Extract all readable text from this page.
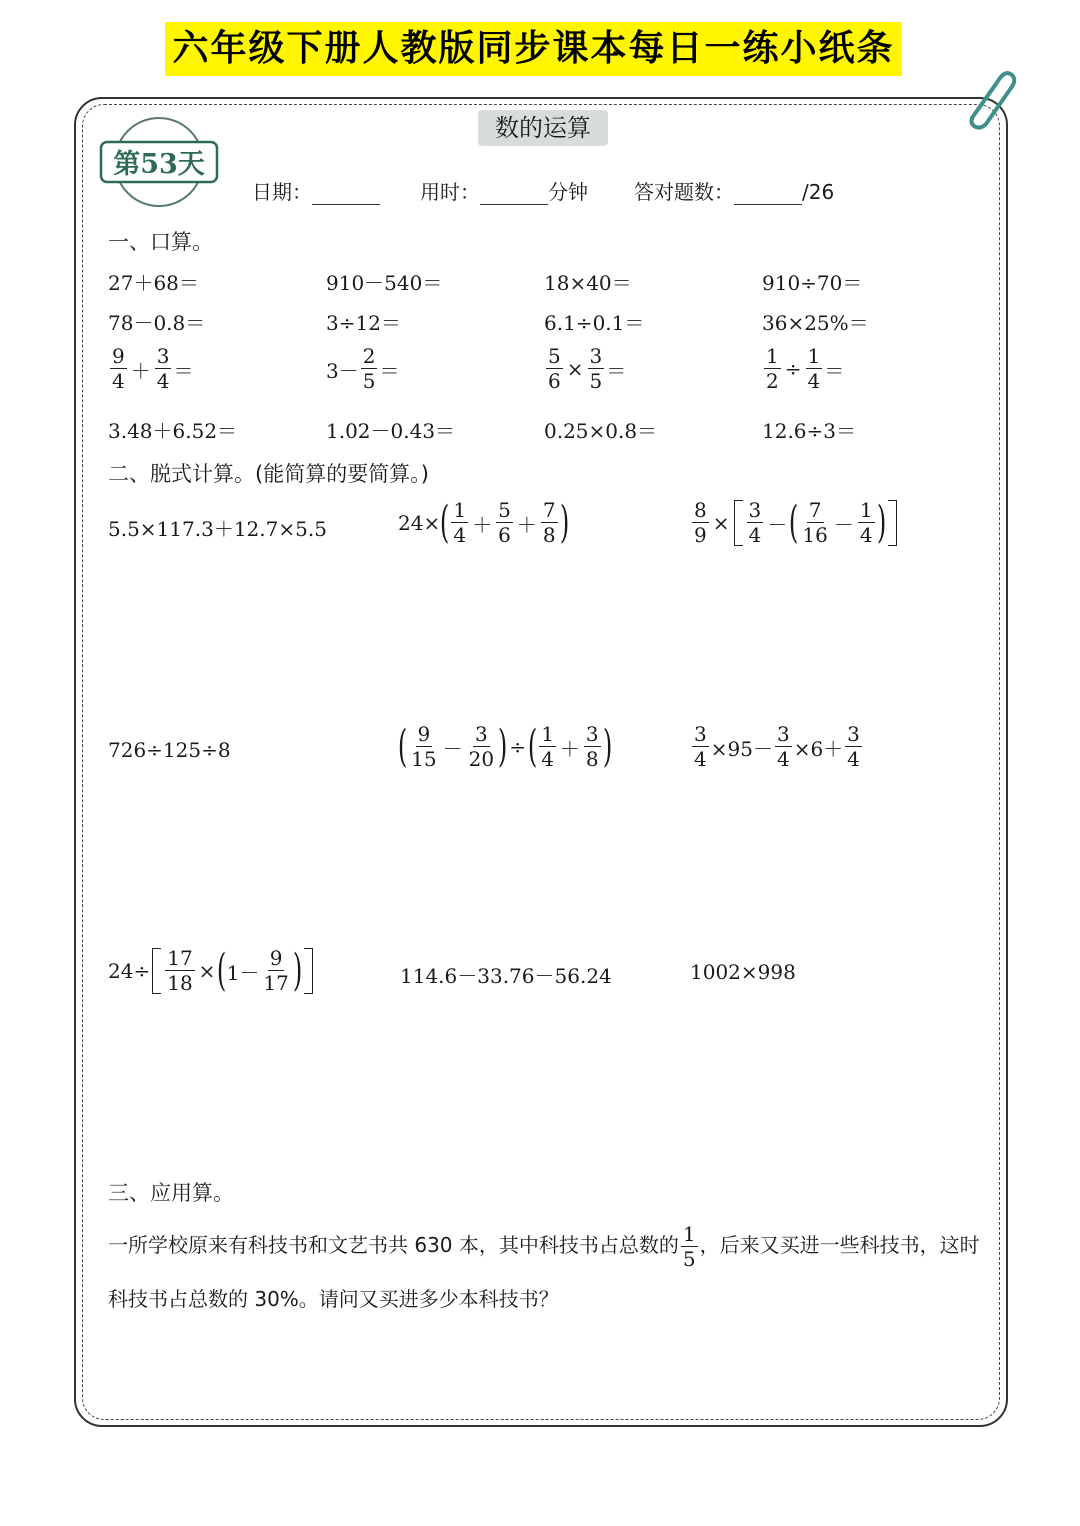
六年级下册人教版同步课本每日一练小纸条
数的运算
第53天
日期：	用时：	分钟 答对题数：	/26
一、口算。
27＋68＝	910－540＝	18×40＝	910÷70＝
78－0.8＝	3÷12＝	6.1÷0.1＝	36×25%＝
$\frac{9}{4} + \frac{3}{4}$ ＝	$3- \frac{2}{5}$ ＝	$\frac{5}{6} \times \frac{3}{5}$ ＝	$\frac{1}{2} \div \frac{1}{4}$ ＝
3.48＋6.52＝	1.02－0.43＝	0.25×0.8＝	12.6÷3＝
二、脱式计算。(能简算的要简算。)
5.5×117.3＋12.7×5.5	24× ( $\frac{1}{4} + \frac{5}{6} + \frac{7}{8}$ )	$\frac{8}{9} \times \frac{3}{4}$ － ( $\frac{7}{16} - \frac{1}{4}$ )
726÷125÷8	( $\frac{9}{15} - \frac{3}{20}$ ) ÷ ( $\frac{1}{4} + \frac{3}{8}$ )	$\frac{3}{4} \times 95- \frac{3}{4} \times 6+ \frac{3}{4}$
$24\div \frac{17}{18}$ × ( $1- \frac{9}{17}$ )	114.6－33.76－56.24	1002×998
三、应用算。
一所学校原来有科技书和文艺书共 630 本，其中科技书占总数的 $\frac{1}{5}$ ，后来又买进一些科技书，这时科技书占总数的 30%。请问又买进多少本科技书？
